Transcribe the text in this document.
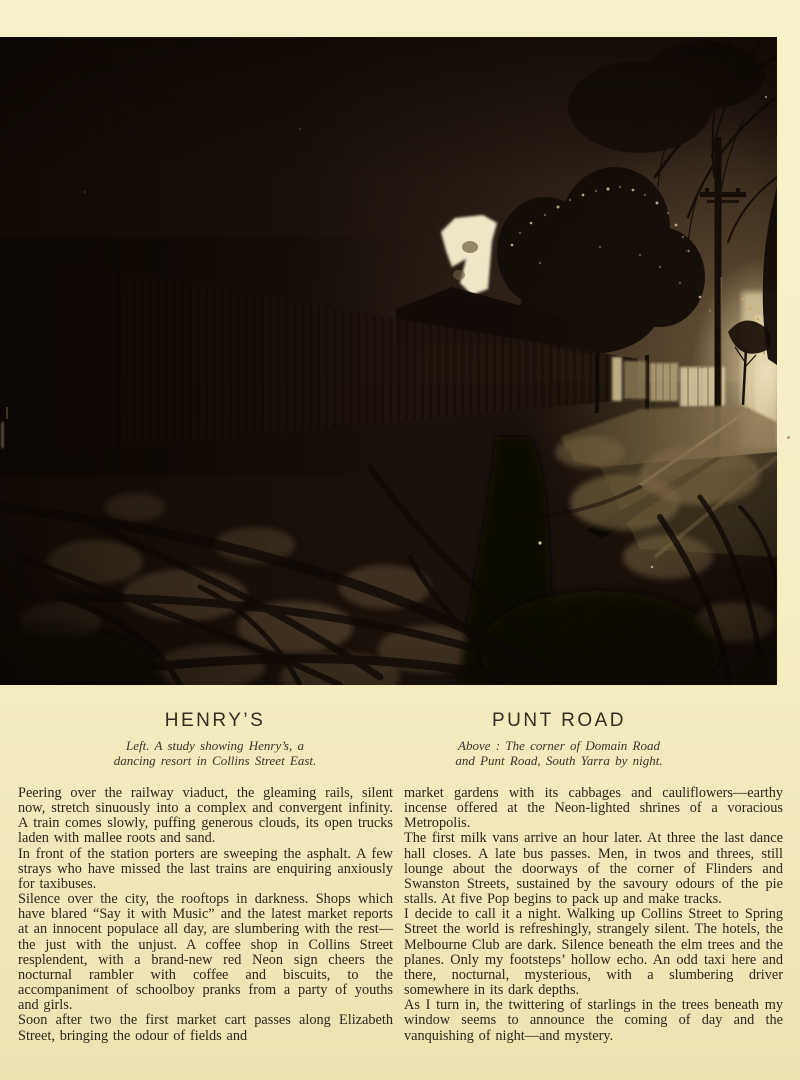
HENRY’S

Left. A study showing Henry’s, a
dancing resort in Collins Street East.

PUNT ROAD

Above : The corner of Domain Road
and Punt Road, South Yarra by night.

Peering over the railway viaduct, the gleaming rails, silent now, stretch sinuously into a complex and convergent infinity. A train comes slowly, puffing generous clouds, its open trucks laden with mallee roots and sand.

In front of the station porters are sweeping the asphalt. A few strays who have missed the last trains are enquiring anxiously for taxibuses.

Silence over the city, the rooftops in darkness. Shops which have blared “Say it with Music” and the latest market reports at an innocent populace all day, are slumbering with the rest—the just with the unjust. A coffee shop in Collins Street resplendent, with a brand-new red Neon sign cheers the nocturnal rambler with coffee and biscuits, to the accompaniment of schoolboy pranks from a party of youths and girls.

Soon after two the first market cart passes along Elizabeth Street, bringing the odour of fields and

market gardens with its cabbages and cauliflowers—earthy incense offered at the Neon-lighted shrines of a voracious Metropolis.

The first milk vans arrive an hour later. At three the last dance hall closes. A late bus passes. Men, in twos and threes, still lounge about the doorways of the corner of Flinders and Swanston Streets, sustained by the savoury odours of the pie stalls. At five Pop begins to pack up and make tracks.

I decide to call it a night. Walking up Collins Street to Spring Street the world is refreshingly, strangely silent. The hotels, the Melbourne Club are dark. Silence beneath the elm trees and the planes. Only my footsteps’ hollow echo. An odd taxi here and there, nocturnal, mysterious, with a slumbering driver somewhere in its dark depths.

As I turn in, the twittering of starlings in the trees beneath my window seems to announce the coming of day and the vanquishing of night—and mystery.
